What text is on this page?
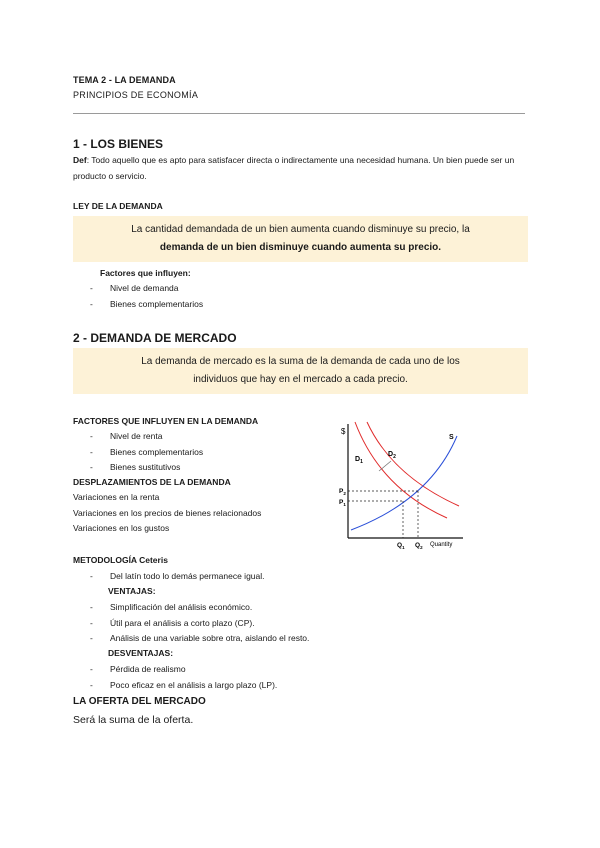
TEMA 2 - LA DEMANDA
PRINCIPIOS DE ECONOMÍA
1 - LOS BIENES
Def: Todo aquello que es apto para satisfacer directa o indirectamente una necesidad humana. Un bien puede ser un producto o servicio.
LEY DE LA DEMANDA
La cantidad demandada de un bien aumenta cuando disminuye su precio, la
demanda de un bien disminuye cuando aumenta su precio.
Factores que influyen:
- Nivel de demanda
- Bienes complementarios
2 - DEMANDA DE MERCADO
La demanda de mercado es la suma de la demanda de cada uno de los
individuos que hay en el mercado a cada precio.
FACTORES QUE INFLUYEN EN LA DEMANDA
- Nivel de renta
- Bienes complementarios
- Bienes sustitutivos
DESPLAZAMIENTOS DE LA DEMANDA
Variaciones en la renta
Variaciones en los precios de bienes relacionados
Variaciones en los gustos
METODOLOGÍA Ceteris
- Del latín todo lo demás permanece igual.
VENTAJAS:
- Simplificación del análisis económico.
- Útil para el análisis a corto plazo (CP).
- Análisis de una variable sobre otra, aislando el resto.
DESVENTAJAS:
- Pérdida de realismo
- Poco eficaz en el análisis a largo plazo (LP).
LA OFERTA DEL MERCADO
Será la suma de la oferta.
$
$D_1$
$D_2$
S
$P_2$
$P_1$
$Q_1$ $Q_2$ Quantity
